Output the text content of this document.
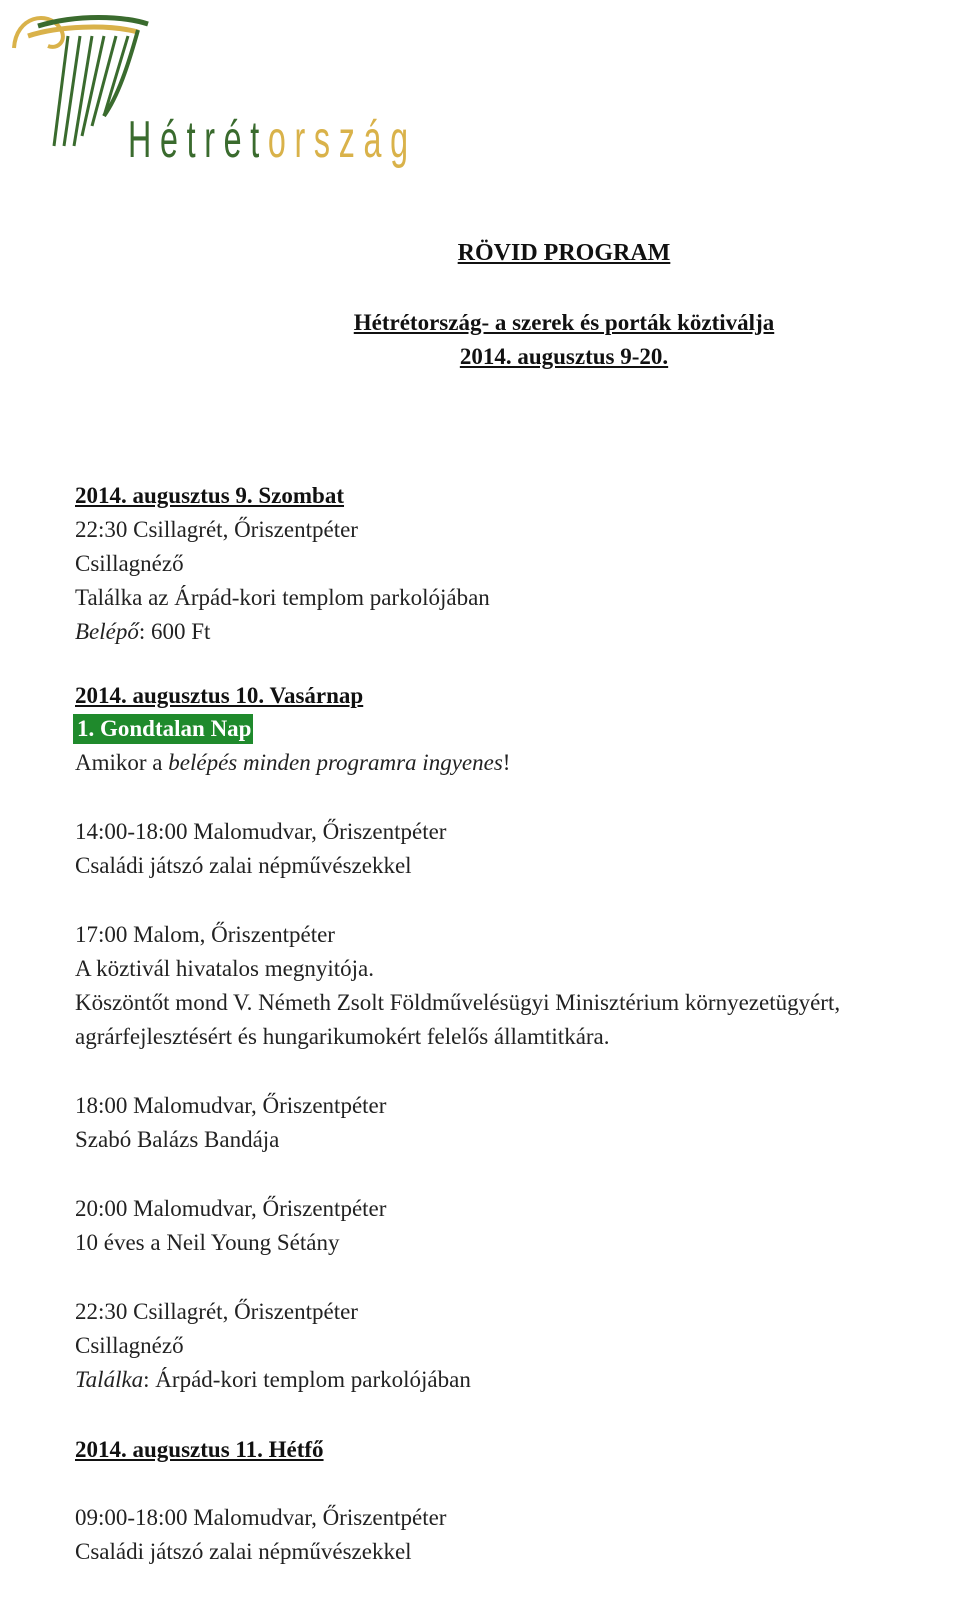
Hétrétország
RÖVID PROGRAM
Hétrétország- a szerek és porták köztiválja
2014. augusztus 9-20.
2014. augusztus 9. Szombat
22:30 Csillagrét, Őriszentpéter
Csillagnéző
Találka az Árpád-kori templom parkolójában
Belépő: 600 Ft
2014. augusztus 10. Vasárnap
1. Gondtalan Nap
Amikor a belépés minden programra ingyenes!
14:00-18:00 Malomudvar, Őriszentpéter
Családi játszó zalai népművészekkel
17:00 Malom, Őriszentpéter
A köztivál hivatalos megnyitója.
Köszöntőt mond V. Németh Zsolt Földművelésügyi Minisztérium környezetügyért,
agrárfejlesztésért és hungarikumokért felelős államtitkára.
18:00 Malomudvar, Őriszentpéter
Szabó Balázs Bandája
20:00 Malomudvar, Őriszentpéter
10 éves a Neil Young Sétány
22:30 Csillagrét, Őriszentpéter
Csillagnéző
Találka: Árpád-kori templom parkolójában
2014. augusztus 11. Hétfő
09:00-18:00 Malomudvar, Őriszentpéter
Családi játszó zalai népművészekkel
